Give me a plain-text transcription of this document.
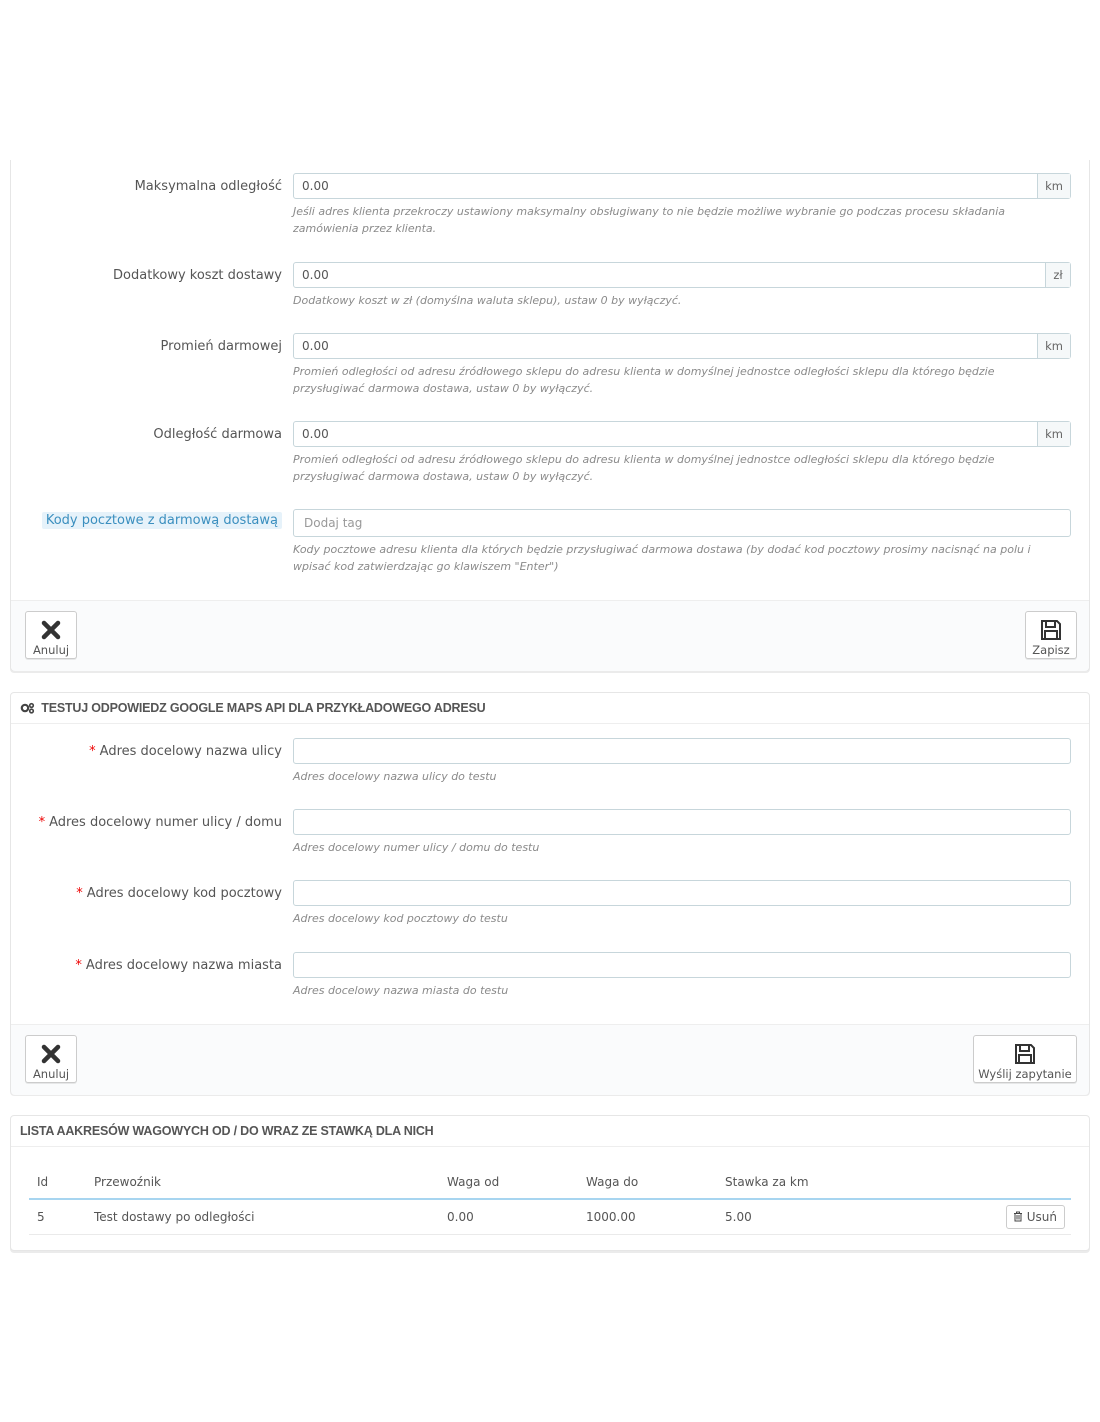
Maksymalna odległość	0.00	km
Jeśli adres klienta przekroczy ustawiony maksymalny obsługiwany to nie będzie możliwe wybranie go podczas procesu składania zamówienia przez klienta.
Dodatkowy koszt dostawy	0.00	zł
Dodatkowy koszt w zł (domyślna waluta sklepu), ustaw 0 by wyłączyć.
Promień darmowej	0.00	km
Promień odległości od adresu źródłowego sklepu do adresu klienta w domyślnej jednostce odległości sklepu dla którego będzie przysługiwać darmowa dostawa, ustaw 0 by wyłączyć.
Odległość darmowa	0.00	km
Promień odległości od adresu źródłowego sklepu do adresu klienta w domyślnej jednostce odległości sklepu dla którego będzie przysługiwać darmowa dostawa, ustaw 0 by wyłączyć.
Kody pocztowe z darmową dostawą	Dodaj tag
Kody pocztowe adresu klienta dla których będzie przysługiwać darmowa dostawa (by dodać kod pocztowy prosimy nacisnąć na polu i wpisać kod zatwierdzając go klawiszem "Enter")
Anuluj	Zapisz
TESTUJ ODPOWIEDZ GOOGLE MAPS API DLA PRZYKŁADOWEGO ADRESU
* Adres docelowy nazwa ulicy
Adres docelowy nazwa ulicy do testu
* Adres docelowy numer ulicy / domu
Adres docelowy numer ulicy / domu do testu
* Adres docelowy kod pocztowy
Adres docelowy kod pocztowy do testu
* Adres docelowy nazwa miasta
Adres docelowy nazwa miasta do testu
Anuluj	Wyślij zapytanie
LISTA AAKRESÓW WAGOWYCH OD / DO WRAZ ZE STAWKĄ DLA NICH
Id	Przewoźnik	Waga od	Waga do	Stawka za km	
5	Test dostawy po odległości	0.00	1000.00	5.00	Usuń
